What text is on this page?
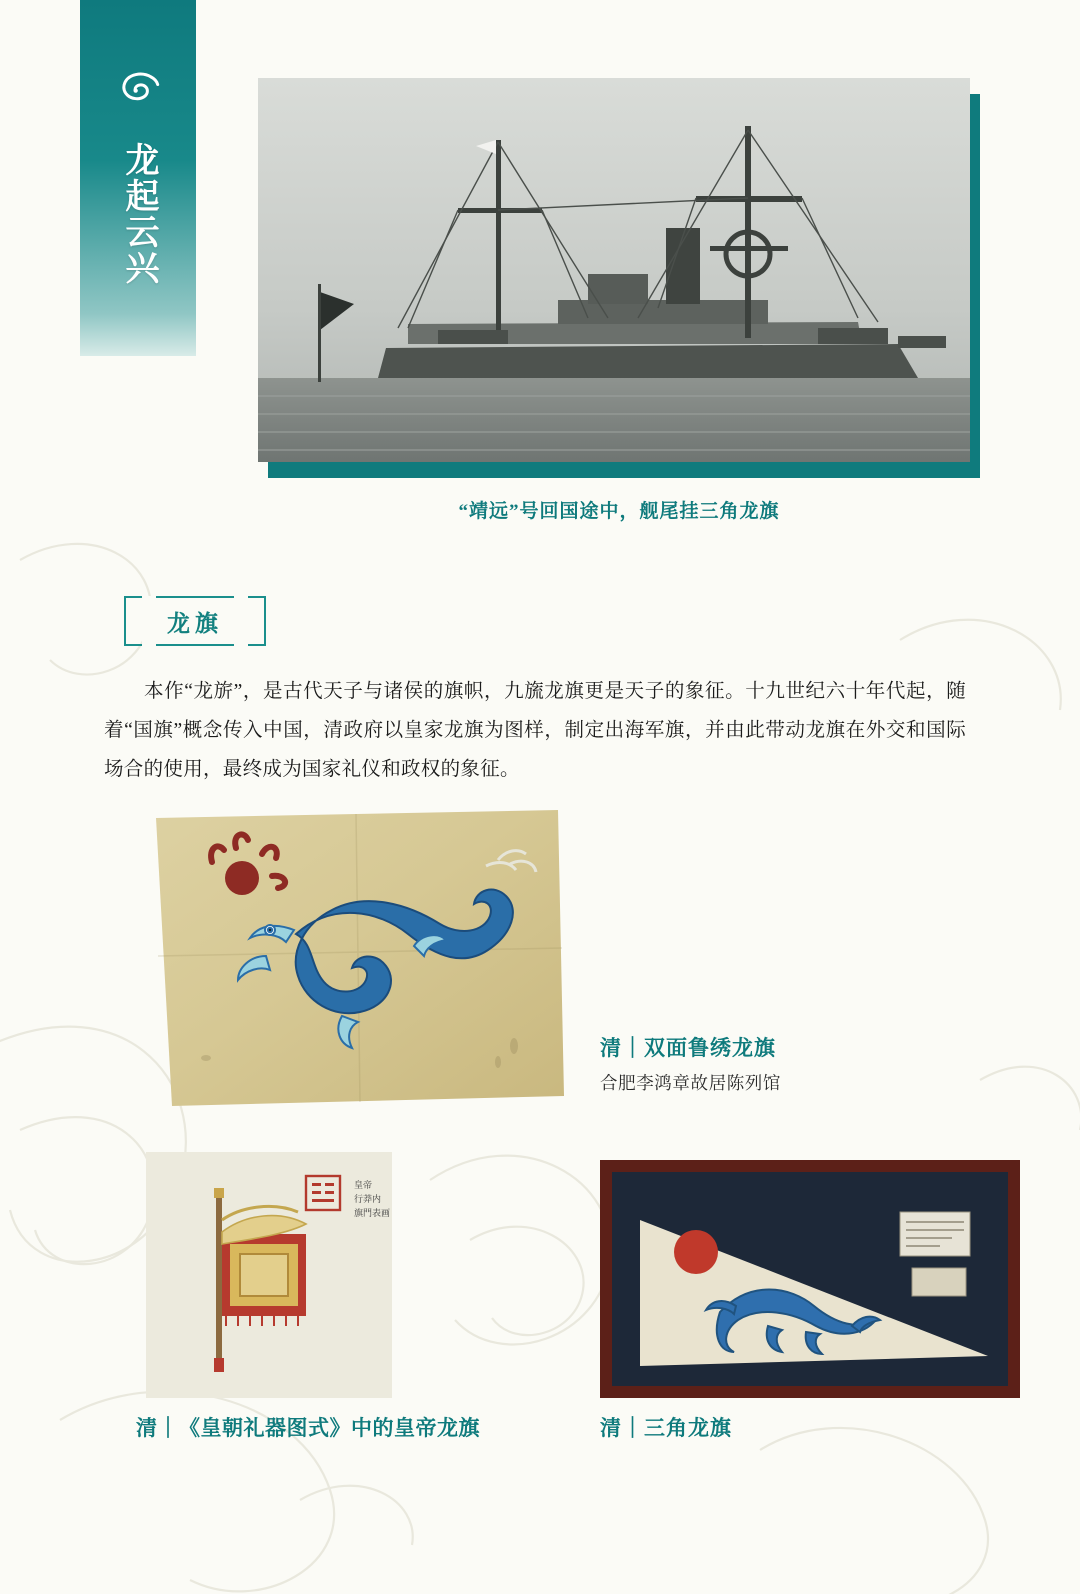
龙起云兴
“靖远”号回国途中，舰尾挂三角龙旗
龙旗
本作“龙旂”，是古代天子与诸侯的旗帜，九旒龙旗更是天子的象征。十九世纪六十年代起，随着“国旗”概念传入中国，清政府以皇家龙旗为图样，制定出海军旗，并由此带动龙旗在外交和国际场合的使用，最终成为国家礼仪和政权的象征。
清｜双面鲁绣龙旗
合肥李鸿章故居陈列馆
皇帝
行莽内
旗門表画
清｜《皇朝礼器图式》中的皇帝龙旗	清｜三角龙旗
